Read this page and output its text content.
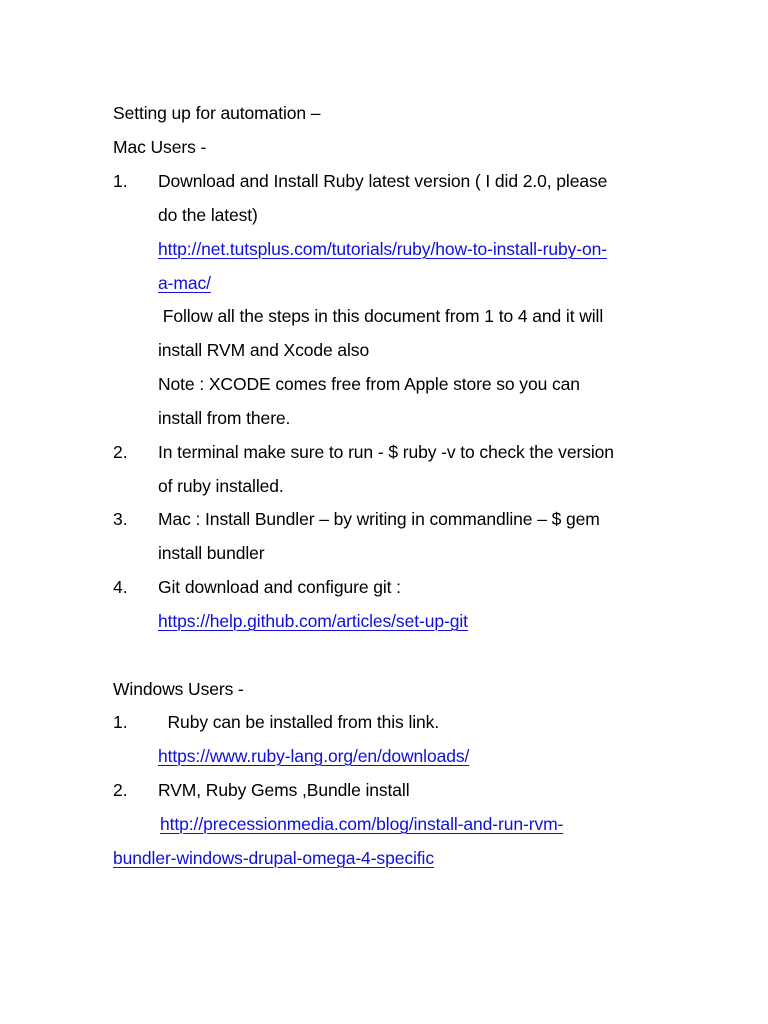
Setting up for automation –
Mac Users -
1. Download and Install Ruby latest version ( I did 2.0, please
do the latest)
http://net.tutsplus.com/tutorials/ruby/how-to-install-ruby-on-
a-mac/
Follow all the steps in this document from 1 to 4 and it will
install RVM and Xcode also
Note : XCODE comes free from Apple store so you can
install from there.
2. In terminal make sure to run - $ ruby -v to check the version
of ruby installed.
3. Mac : Install Bundler – by writing in commandline – $ gem
install bundler
4. Git download and configure git :
https://help.github.com/articles/set-up-git
Windows Users -
1. Ruby can be installed from this link.
https://www.ruby-lang.org/en/downloads/
2. RVM, Ruby Gems ,Bundle install
http://precessionmedia.com/blog/install-and-run-rvm-
bundler-windows-drupal-omega-4-specific
